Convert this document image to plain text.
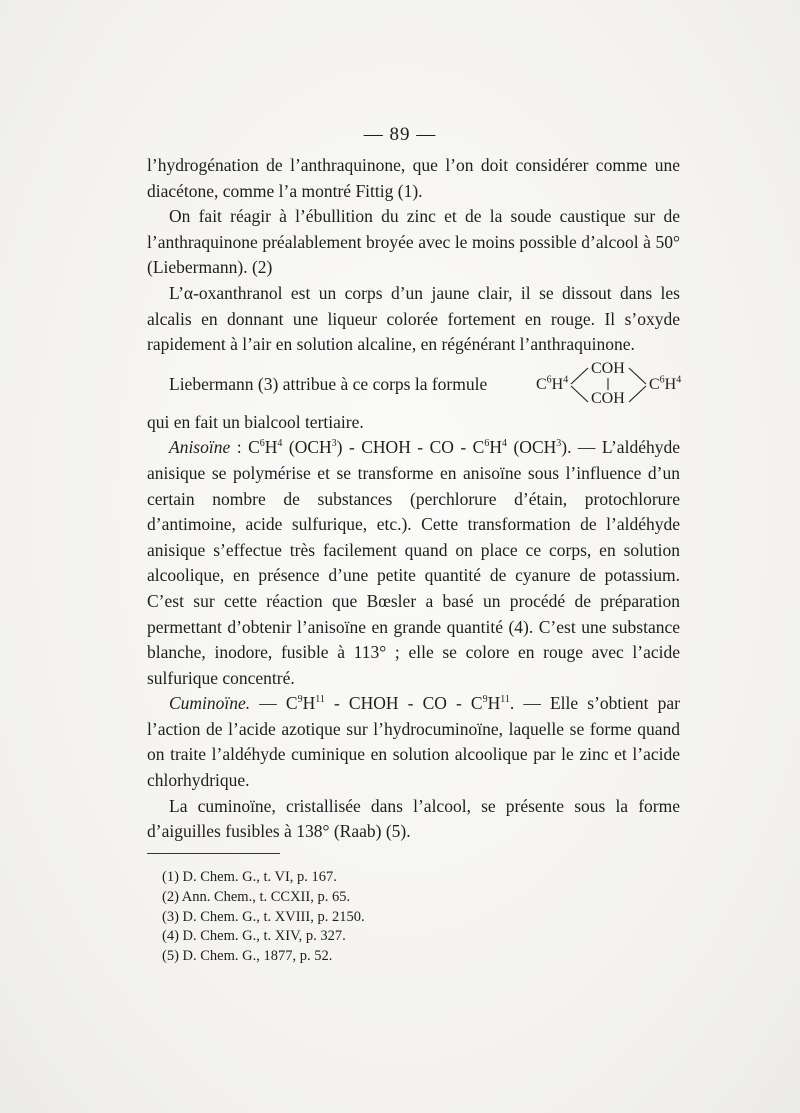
— 89 —

l’hydrogénation de l’anthraquinone, que l’on doit considérer comme une diacétone, comme l’a montré Fittig (1).

On fait réagir à l’ébullition du zinc et de la soude caustique sur de l’anthraquinone préalablement broyée avec le moins possible d’alcool à 50° (Liebermann). (2)

L’α-oxanthranol est un corps d’un jaune clair, il se dissout dans les alcalis en donnant une liqueur colorée fortement en rouge. Il s’oxyde rapidement à l’air en solution alcaline, en régénérant l’anthraquinone.

Liebermann (3) attribue à ce corps la formule	$C^6H^4$
COH
COH
$C^6H^4$

qui en fait un bialcool tertiaire.

Anisoïne : $C^6H^4$ (OCH$^3$) - CHOH - CO - $C^6H^4$ (OCH$^3$). — L’aldéhyde anisique se polymérise et se transforme en anisoïne sous l’influence d’un certain nombre de substances (perchlorure d’étain, protochlorure d’antimoine, acide sulfurique, etc.). Cette transformation de l’aldéhyde anisique s’effectue très facilement quand on place ce corps, en solution alcoolique, en présence d’une petite quantité de cyanure de potassium. C’est sur cette réaction que Bœsler a basé un procédé de préparation permettant d’obtenir l’anisoïne en grande quantité (4). C’est une substance blanche, inodore, fusible à 113° ; elle se colore en rouge avec l’acide sulfurique concentré.

Cuminoïne. — $C^9H^{11}$ - CHOH - CO - $C^9H^{11}$. — Elle s’obtient par l’action de l’acide azotique sur l’hydrocuminoïne, laquelle se forme quand on traite l’aldéhyde cuminique en solution alcoolique par le zinc et l’acide chlorhydrique.

La cuminoïne, cristallisée dans l’alcool, se présente sous la forme d’aiguilles fusibles à 138° (Raab) (5).

(1) D. Chem. G., t. VI, p. 167.
(2) Ann. Chem., t. CCXII, p. 65.
(3) D. Chem. G., t. XVIII, p. 2150.
(4) D. Chem. G., t. XIV, p. 327.
(5) D. Chem. G., 1877, p. 52.
